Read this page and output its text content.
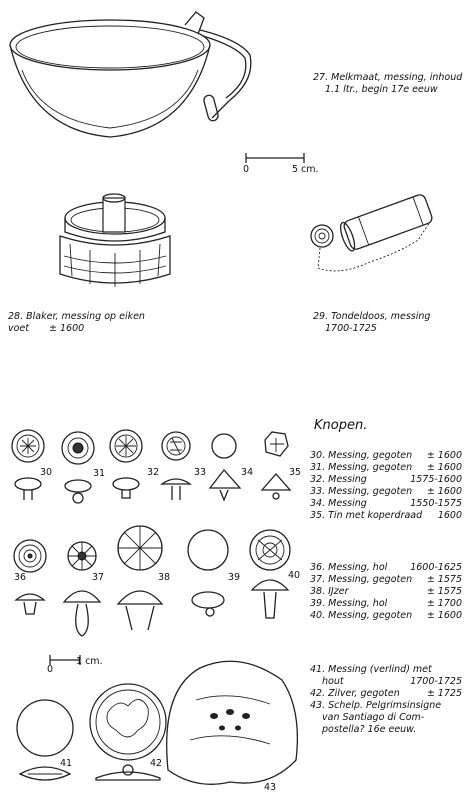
27. Melkmaat, messing, inhoud
1.1 ltr., begin 17e eeuw
0	5 cm.
28. Blaker, messing op eiken
voet ± 1600
29. Tondeldoos, messing
1700-1725
Knopen.
30. Messing, gegoten ± 1600
31. Messing, gegoten ± 1600
32. Messing	1575-1600
33. Messing, gegoten ± 1600
34. Messing	1550-1575
35. Tin met koperdraad 1600
36. Messing, hol 1600-1625
37. Messing, gegoten ± 1575
38. IJzer	± 1575
39. Messing, hol	± 1700
40. Messing, gegoten ± 1600
0
1 cm.
41. Messing (verlind) met
hout	1700-1725
42. Zilver, gegoten	± 1725
43. Schelp. Pelgrimsinsigne
van Santiago di Com-
postella? 16e eeuw.
30	31	32	33	34	35
36	37	38	39	40
41	42
43
